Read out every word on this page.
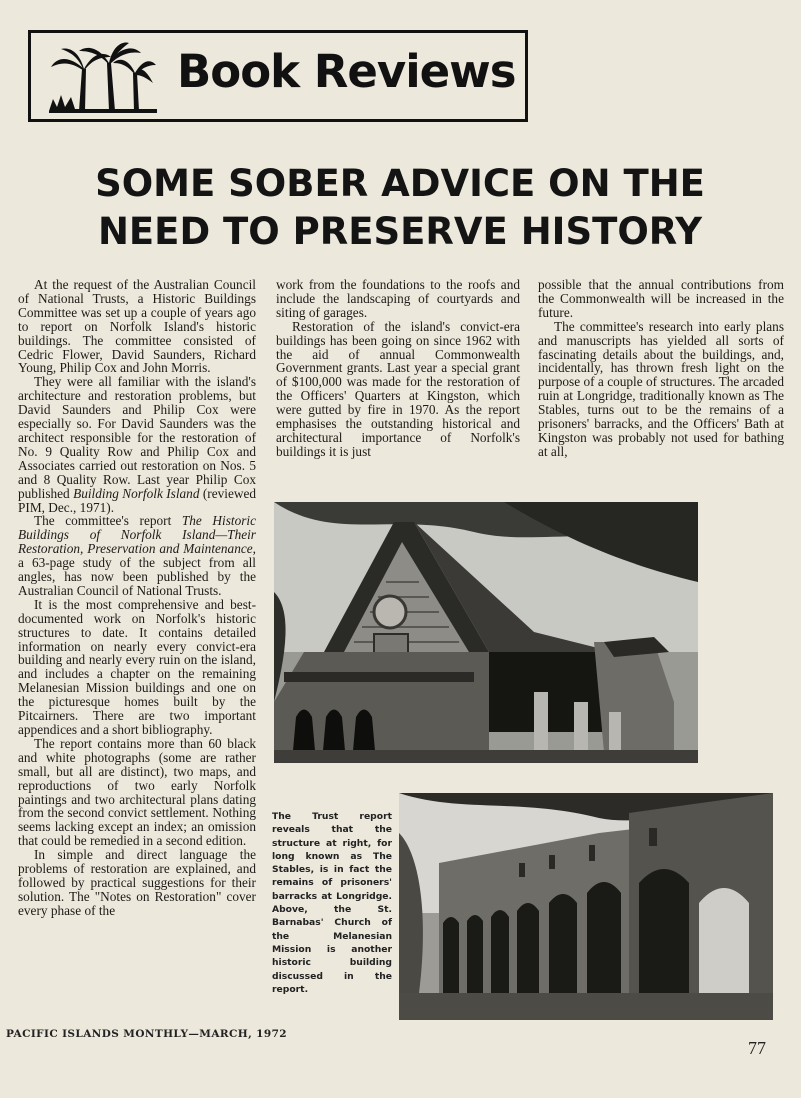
Book Reviews
SOME SOBER ADVICE ON THE
NEED TO PRESERVE HISTORY

At the request of the Australian Council of National Trusts, a Historic Buildings Committee was set up a couple of years ago to report on Norfolk Island's historic buildings. The committee consisted of Cedric Flower, David Saunders, Richard Young, Philip Cox and John Morris.

They were all familiar with the island's architecture and restoration problems, but David Saunders and Philip Cox were especially so. For David Saunders was the architect responsible for the restoration of No. 9 Quality Row and Philip Cox and Associates carried out restoration on Nos. 5 and 8 Quality Row. Last year Philip Cox published Building Norfolk Island (reviewed PIM, Dec., 1971).

The committee's report The Historic Buildings of Norfolk Island—Their Restoration, Preservation and Maintenance, a 63-page study of the subject from all angles, has now been published by the Australian Council of National Trusts.

It is the most comprehensive and best-documented work on Norfolk's historic structures to date. It contains detailed information on nearly every convict-era building and nearly every ruin on the island, and includes a chapter on the remaining Melanesian Mission buildings and one on the picturesque homes built by the Pitcairners. There are two important appendices and a short bibliography.

The report contains more than 60 black and white photographs (some are rather small, but all are distinct), two maps, and reproductions of two early Norfolk paintings and two architectural plans dating from the second convict settlement. Nothing seems lacking except an index; an omission that could be remedied in a second edition.

In simple and direct language the problems of restoration are explained, and followed by practical suggestions for their solution. The "Notes on Restoration" cover every phase of the

work from the foundations to the roofs and include the landscaping of courtyards and siting of garages.

Restoration of the island's convict-era buildings has been going on since 1962 with the aid of annual Commonwealth Government grants. Last year a special grant of $100,000 was made for the restoration of the Officers' Quarters at Kingston, which were gutted by fire in 1970. As the report emphasises the outstanding historical and architectural importance of Norfolk's buildings it is just

possible that the annual contributions from the Commonwealth will be increased in the future.

The committee's research into early plans and manuscripts has yielded all sorts of fascinating details about the buildings, and, incidentally, has thrown fresh light on the purpose of a couple of structures. The arcaded ruin at Longridge, traditionally known as The Stables, turns out to be the remains of a prisoners' barracks, and the Officers' Bath at Kingston was probably not used for bathing at all,

The Trust report reveals that the structure at right, for long known as The Stables, is in fact the remains of prisoners' barracks at Longridge. Above, the St. Barnabas' Church of the Melanesian Mission is another historic building discussed in the report.
PACIFIC ISLANDS MONTHLY—MARCH, 1972
77
